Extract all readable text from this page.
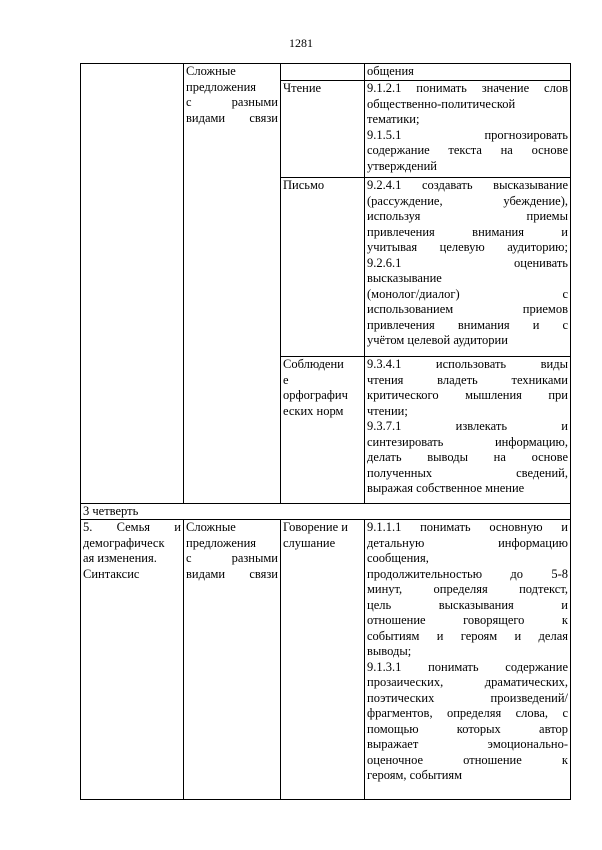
1281
Сложные
предложения
с разными
видами связи
общения
Чтение	9.1.2.1 понимать значение слов
общественно-политической
тематики;
9.1.5.1 прогнозировать
содержание текста на основе
утверждений
Письмо	9.2.4.1 создавать высказывание
(рассуждение, убеждение),
используя приемы
привлечения внимания и
учитывая целевую аудиторию;
9.2.6.1 оценивать
высказывание
(монолог/диалог) с
использованием приемов
привлечения внимания и с
учётом целевой аудитории
Соблюдени
е
орфографич
еских норм
9.3.4.1 использовать виды
чтения владеть техниками
критического мышления при
чтении;
9.3.7.1 извлекать и
синтезировать информацию,
делать выводы на основе
полученных сведений,
выражая собственное мнение
3 четверть
5. Семья и
демографическ
ая изменения.
Синтаксис
Сложные
предложения
с разными
видами связи
Говорение и
слушание
9.1.1.1 понимать основную и
детальную информацию
сообщения,
продолжительностью до 5-8
минут, определяя подтекст,
цель высказывания и
отношение говорящего к
событиям и героям и делая
выводы;
9.1.3.1 понимать содержание
прозаических, драматических,
поэтических произведений/
фрагментов, определяя слова, с
помощью которых автор
выражает эмоционально-
оценочное отношение к
героям, событиям
